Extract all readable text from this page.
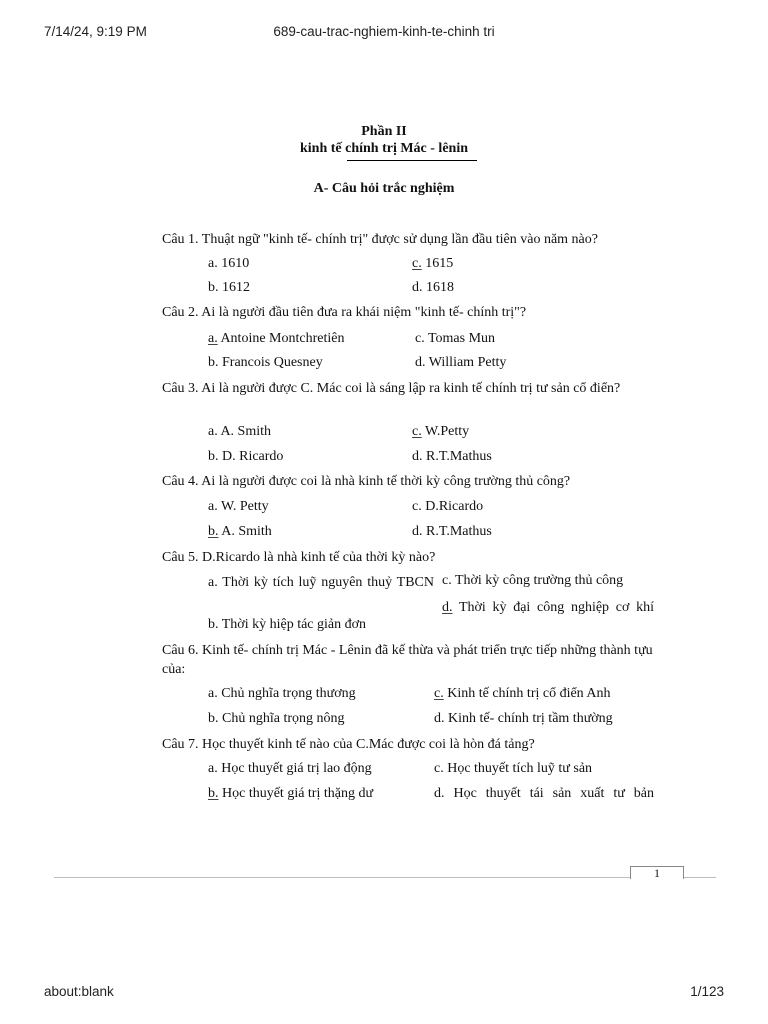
7/14/24, 9:19 PM	689-cau-trac-nghiem-kinh-te-chinh tri
about:blank	1/123
Phần II
kinh tế chính trị Mác - lênin
A- Câu hỏi trắc nghiệm
Câu 1. Thuật ngữ "kinh tế- chính trị" được sử dụng lần đầu tiên vào năm nào?
a. 1610	c. 1615
b. 1612	d. 1618
Câu 2. Ai là người đầu tiên đưa ra khái niệm "kinh tế- chính trị"?
a. Antoine Montchretiên	c. Tomas Mun
b. Francois Quesney	d. William Petty
Câu 3. Ai là người được C. Mác coi là sáng lập ra kinh tế chính trị tư sản cổ điển?
a. A. Smith	c. W.Petty
b. D. Ricardo	d. R.T.Mathus
Câu 4. Ai là người được coi là nhà kinh tế thời kỳ công trường thủ công?
a. W. Petty	c. D.Ricardo
b. A. Smith	d. R.T.Mathus
Câu 5. D.Ricardo là nhà kinh tế của thời kỳ nào?
a. Thời kỳ tích luỹ nguyên thuỷ TBCN c. Thời kỳ công trường thủ công
b. Thời kỳ hiệp tác giản đơn
d. Thời kỳ đại công nghiệp cơ khí
Câu 6. Kinh tế- chính trị Mác - Lênin đã kế thừa và phát triển trực tiếp những thành tựu của:
a. Chủ nghĩa trọng thương	c. Kinh tế chính trị cổ điển Anh
b. Chủ nghĩa trọng nông	d. Kinh tế- chính trị tầm thường
Câu 7. Học thuyết kinh tế nào của C.Mác được coi là hòn đá tảng?
a. Học thuyết giá trị lao động	c. Học thuyết tích luỹ tư sản
b. Học thuyết giá trị thặng dư	d. Học thuyết tái sản xuất tư bản
1
